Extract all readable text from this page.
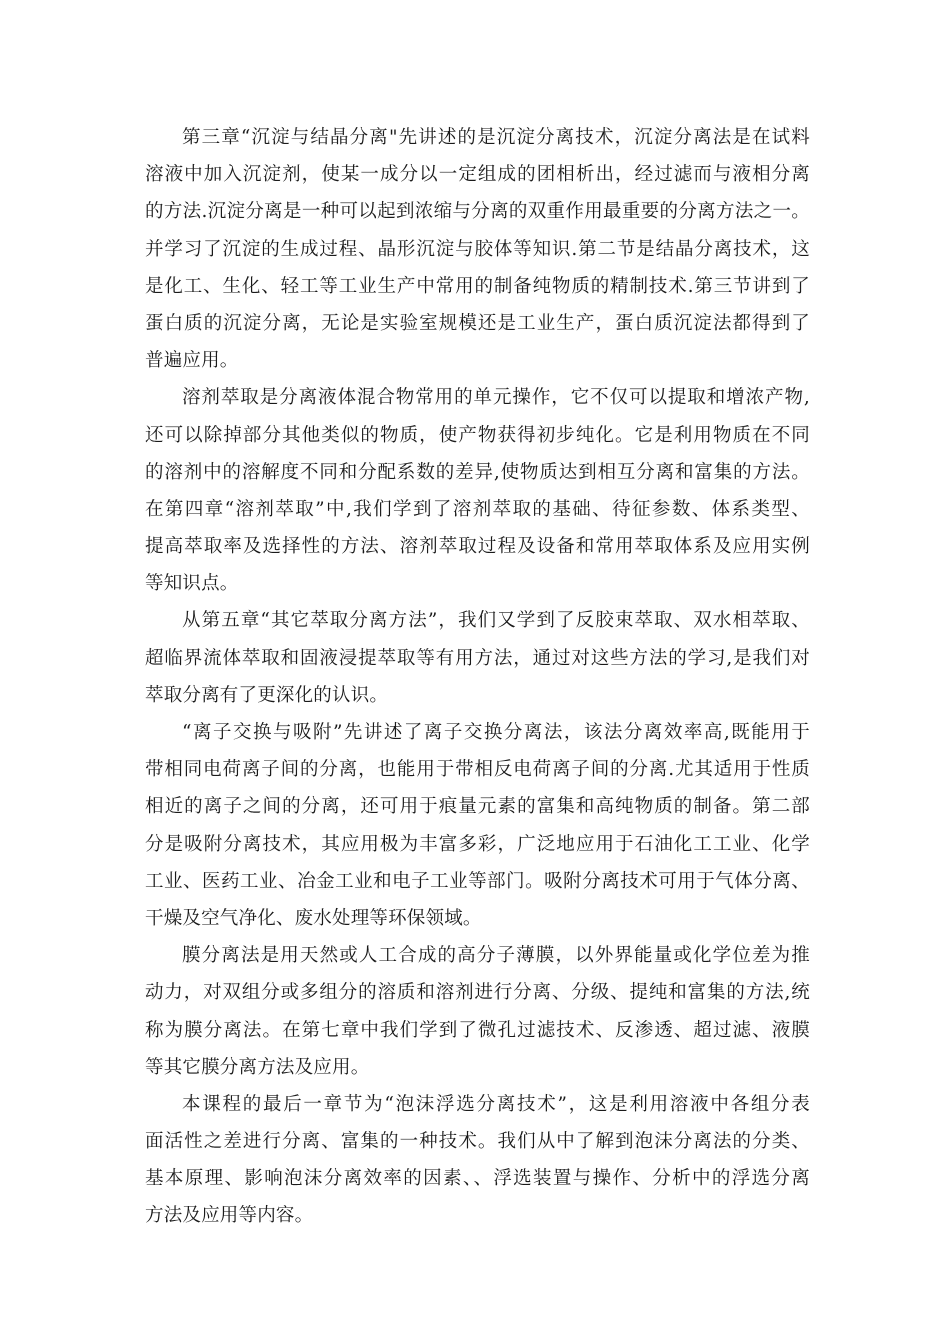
第三章“沉淀与结晶分离"先讲述的是沉淀分离技术，沉淀分离法是在试料
溶液中加入沉淀剂，使某一成分以一定组成的团相析出，经过滤而与液相分离
的方法.沉淀分离是一种可以起到浓缩与分离的双重作用最重要的分离方法之一。
并学习了沉淀的生成过程、晶形沉淀与胶体等知识.第二节是结晶分离技术，这
是化工、生化、轻工等工业生产中常用的制备纯物质的精制技术.第三节讲到了
蛋白质的沉淀分离，无论是实验室规模还是工业生产，蛋白质沉淀法都得到了
普遍应用。
溶剂萃取是分离液体混合物常用的单元操作，它不仅可以提取和增浓产物,
还可以除掉部分其他类似的物质，使产物获得初步纯化。它是利用物质在不同
的溶剂中的溶解度不同和分配系数的差异,使物质达到相互分离和富集的方法。
在第四章“溶剂萃取”中,我们学到了溶剂萃取的基础、待征参数、体系类型、
提高萃取率及选择性的方法、溶剂萃取过程及设备和常用萃取体系及应用实例
等知识点。
从第五章“其它萃取分离方法”，我们又学到了反胶束萃取、双水相萃取、
超临界流体萃取和固液浸提萃取等有用方法，通过对这些方法的学习,是我们对
萃取分离有了更深化的认识。
“离子交换与吸附”先讲述了离子交换分离法，该法分离效率高,既能用于
带相同电荷离子间的分离，也能用于带相反电荷离子间的分离.尤其适用于性质
相近的离子之间的分离，还可用于痕量元素的富集和高纯物质的制备。第二部
分是吸附分离技术，其应用极为丰富多彩，广泛地应用于石油化工工业、化学
工业、医药工业、冶金工业和电子工业等部门。吸附分离技术可用于气体分离、
干燥及空气净化、废水处理等环保领域。
膜分离法是用天然或人工合成的高分子薄膜，以外界能量或化学位差为推
动力，对双组分或多组分的溶质和溶剂进行分离、分级、提纯和富集的方法,统
称为膜分离法。在第七章中我们学到了微孔过滤技术、反渗透、超过滤、液膜
等其它膜分离方法及应用。
本课程的最后一章节为“泡沫浮选分离技术”，这是利用溶液中各组分表
面活性之差进行分离、富集的一种技术。我们从中了解到泡沫分离法的分类、
基本原理、影响泡沫分离效率的因素、、浮选装置与操作、分析中的浮选分离
方法及应用等内容。
